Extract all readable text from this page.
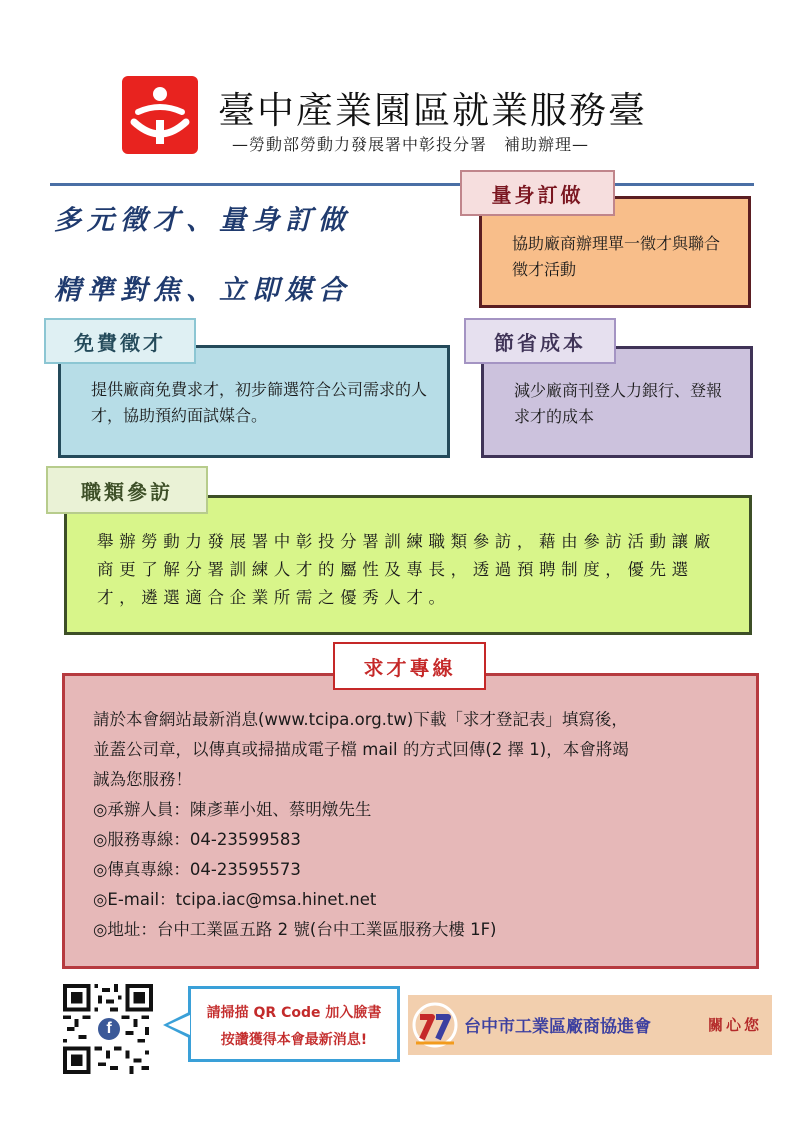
臺中產業園區就業服務臺
—勞動部勞動力發展署中彰投分署　補助辦理—
多元徵才、量身訂做
精準對焦、立即媒合

協助廠商辦理單一徵才與聯合徵才活動

量身訂做

提供廠商免費求才，初步篩選符合公司需求的人才，協助預約面試媒合。

免費徵才

減少廠商刊登人力銀行、登報求才的成本

節省成本

舉辦勞動力發展署中彰投分署訓練職類參訪，藉由參訪活動讓廠商更了解分署訓練人才的屬性及專長，透過預聘制度，優先選才，遴選適合企業所需之優秀人才。

職類參訪
請於本會網站最新消息(www.tcipa.org.tw)下載「求才登記表」填寫後，
並蓋公司章，以傳真或掃描成電子檔 mail 的方式回傳(2 擇 1)，本會將竭
誠為您服務！
◎承辦人員：陳彥華小姐、蔡明燉先生
◎服務專線：04-23599583
◎傳真專線：04-23595573
◎E-mail：tcipa.iac@msa.hinet.net
◎地址：台中工業區五路 2 號(台中工業區服務大樓 1F)
求才專線
f
請掃描 QR Code 加入臉書
按讚獲得本會最新消息!
台中市工業區廠商協進會	關心您
